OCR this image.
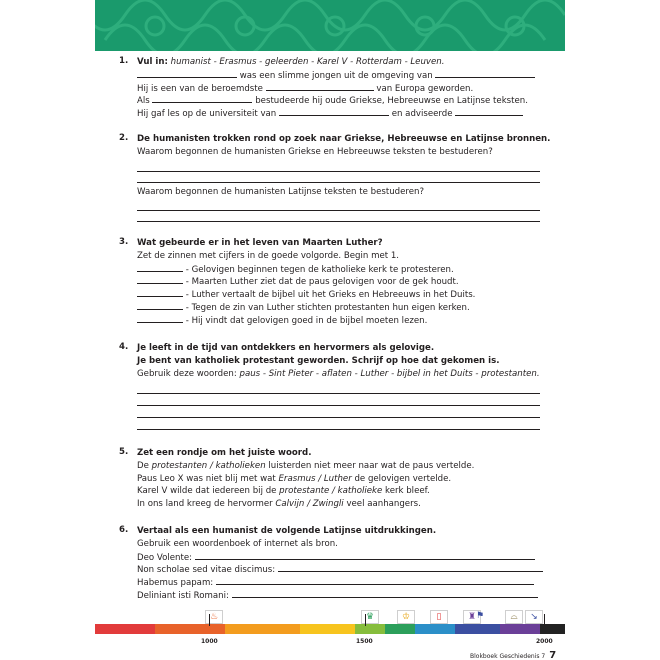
1. Vul in: humanist - Erasmus - geleerden - Karel V - Rotterdam - Leuven.
was een slimme jongen uit de omgeving van
Hij is een van de beroemdste	van Europa geworden.
Als	bestudeerde hij oude Griekse, Hebreeuwse en Latijnse teksten.
Hij gaf les op de universiteit van	en adviseerde
2. De humanisten trokken rond op zoek naar Griekse, Hebreeuwse en Latijnse bronnen.
Waarom begonnen de humanisten Griekse en Hebreeuwse teksten te bestuderen?
Waarom begonnen de humanisten Latijnse teksten te bestuderen?
3. Wat gebeurde er in het leven van Maarten Luther?
Zet de zinnen met cijfers in de goede volgorde. Begin met 1.
- Gelovigen beginnen tegen de katholieke kerk te protesteren.
- Maarten Luther ziet dat de paus gelovigen voor de gek houdt.
- Luther vertaalt de bijbel uit het Grieks en Hebreeuws in het Duits.
- Tegen de zin van Luther stichten protestanten hun eigen kerken.
- Hij vindt dat gelovigen goed in de bijbel moeten lezen.
4. Je leeft in de tijd van ontdekkers en hervormers als gelovige.
Je bent van katholiek protestant geworden. Schrijf op hoe dat gekomen is.
Gebruik deze woorden: paus - Sint Pieter - aflaten - Luther - bijbel in het Duits - protestanten.
5. Zet een rondje om het juiste woord.
De protestanten / katholieken luisterden niet meer naar wat de paus vertelde.
Paus Leo X was niet blij met wat Erasmus / Luther de gelovigen vertelde.
Karel V wilde dat iedereen bij de protestante / katholieke kerk bleef.
In ons land kreeg de hervormer Calvijn / Zwingli veel aanhangers.
6. Vertaal als een humanist de volgende Latijnse uitdrukkingen.
Gebruik een woordenboek of internet als bron.
Deo Volente:
Non scholae sed vitae discimus:
Habemus papam:
Deliniant isti Romani:
♨	♛	♔	▯	♜ ⚑	⌓	↘
1000	1500	2000
Blokboek Geschiedenis 7 7
